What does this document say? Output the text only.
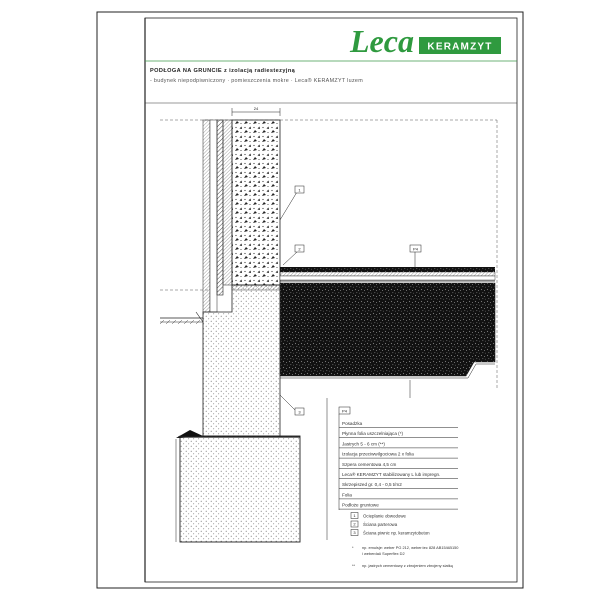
Leca KERAMZYT
PODŁOGA NA GRUNCIE z izolacją radiestezyjną
- budynek niepodpiwniczony · pomieszczenia mokre · Leca® KERAMZYT luzem
24
1
2	P4
3	P4
Posadzka
Płynna folia uszczelniająca (*)
Jastrych 5 - 6 cm (**)
Izolacja przeciwwilgociowa 2 x folia
Szpera cementowa 4,5 cm
Leca® KERAMZYT stabilizowany L lub impregn.
Skrzepiszed gr. 0,4 - 0,5 t/m2
Folia
Podłoże gruntowe
1 Ocieplanie obwodowe
2 Ściana parterowa
3 Ściana piwnic np. keramzytobeton
* np. emulsje: weber PG 212, weber.tec 828 AB15/AB150
i weberdaŭ Superflex D2
** np. jastrych cementowy z zbrojeniem zbrojeny siatką
